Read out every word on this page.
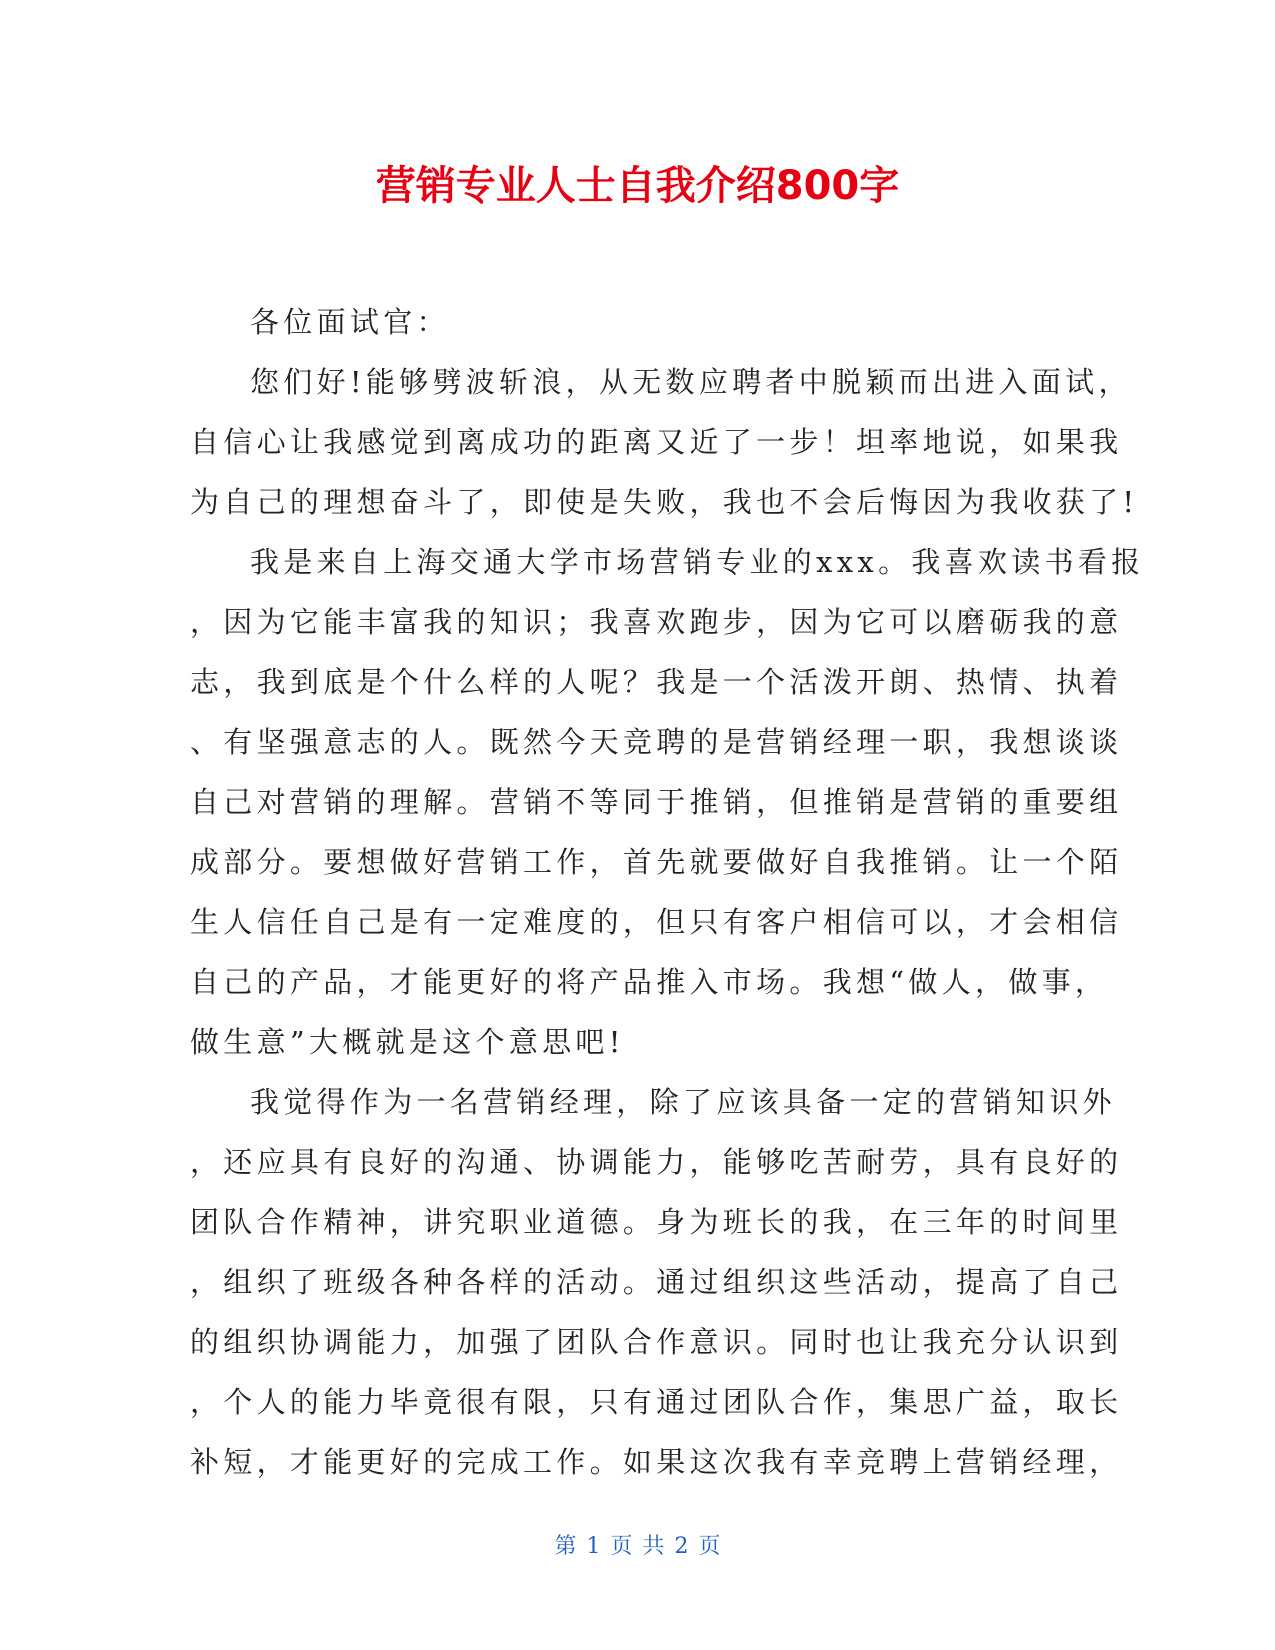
营销专业人士自我介绍800字
各位面试官：
您们好!能够劈波斩浪，从无数应聘者中脱颖而出进入面试，
自信心让我感觉到离成功的距离又近了一步！坦率地说，如果我
为自己的理想奋斗了，即使是失败，我也不会后悔因为我收获了!
我是来自上海交通大学市场营销专业的xxx。我喜欢读书看报
，因为它能丰富我的知识；我喜欢跑步，因为它可以磨砺我的意
志，我到底是个什么样的人呢？我是一个活泼开朗、热情、执着
、有坚强意志的人。既然今天竞聘的是营销经理一职，我想谈谈
自己对营销的理解。营销不等同于推销，但推销是营销的重要组
成部分。要想做好营销工作，首先就要做好自我推销。让一个陌
生人信任自己是有一定难度的，但只有客户相信可以，才会相信
自己的产品，才能更好的将产品推入市场。我想“做人，做事，
做生意”大概就是这个意思吧!
我觉得作为一名营销经理，除了应该具备一定的营销知识外
，还应具有良好的沟通、协调能力，能够吃苦耐劳，具有良好的
团队合作精神，讲究职业道德。身为班长的我，在三年的时间里
，组织了班级各种各样的活动。通过组织这些活动，提高了自己
的组织协调能力，加强了团队合作意识。同时也让我充分认识到
，个人的能力毕竟很有限，只有通过团队合作，集思广益，取长
补短，才能更好的完成工作。如果这次我有幸竞聘上营销经理，
第 1 页 共 2 页
